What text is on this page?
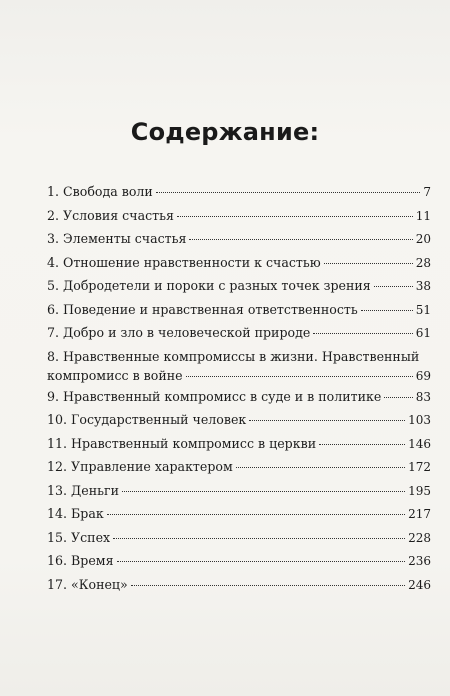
Содержание:
1. Свобода воли	7
2. Условия счастья	11
3. Элементы счастья	20
4. Отношение нравственности к счастью	28
5. Добродетели и пороки с разных точек зрения	38
6. Поведение и нравственная ответственность	51
7. Добро и зло в человеческой природе	61
8. Нравственные компромиссы в жизни. Нравственный
компромисс в войне	69
9. Нравственный компромисс в суде и в политике	83
10. Государственный человек	103
11. Нравственный компромисс в церкви	146
12. Управление характером	172
13. Деньги	195
14. Брак	217
15. Успех	228
16. Время	236
17. «Конец»	246
